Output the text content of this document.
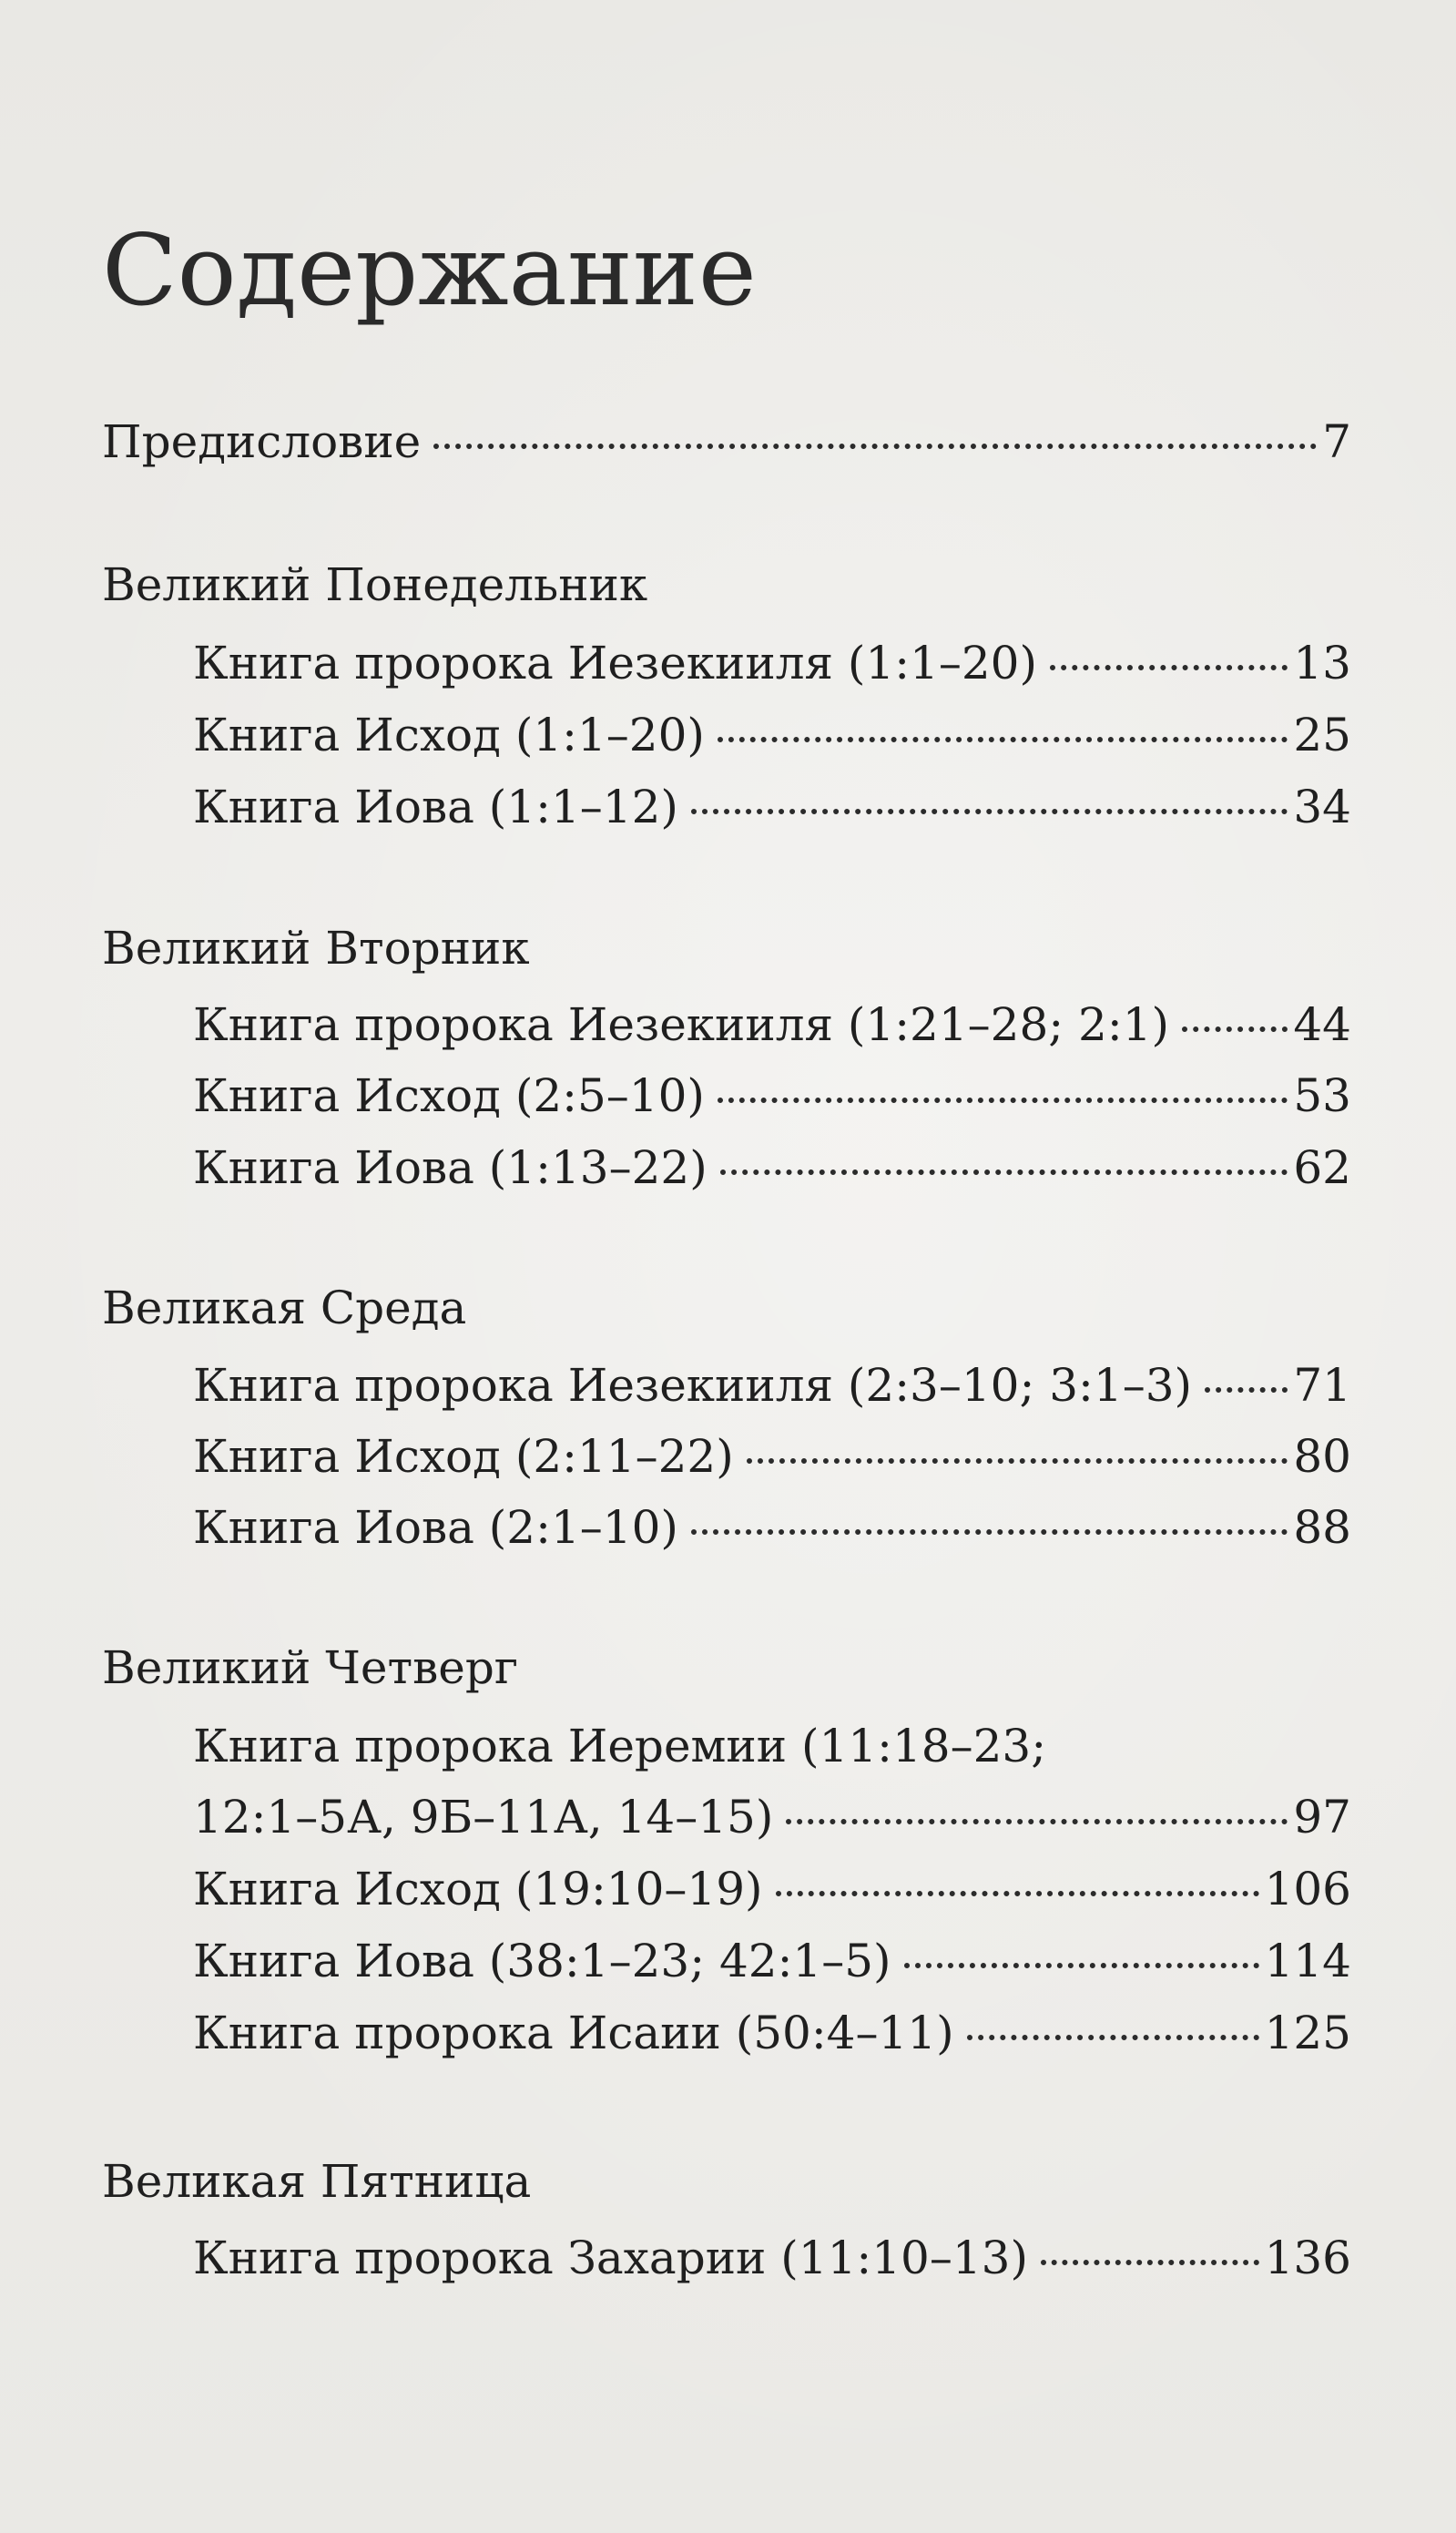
Содержание
Предисловие	7
Великий Понедельник
Книга пророка Иезекииля (1:1–20)	13
Книга Исход (1:1–20)	25
Книга Иова (1:1–12)	34
Великий Вторник
Книга пророка Иезекииля (1:21–28; 2:1)	44
Книга Исход (2:5–10)	53
Книга Иова (1:13–22)	62
Великая Среда
Книга пророка Иезекииля (2:3–10; 3:1–3) 71
Книга Исход (2:11–22)	80
Книга Иова (2:1–10)	88
Великий Четверг
Книга пророка Иеремии (11:18–23;
12:1–5А, 9Б–11А, 14–15)	97
Книга Исход (19:10–19)	106
Книга Иова (38:1–23; 42:1–5)	114
Книга пророка Исаии (50:4–11)	125
Великая Пятница
Книга пророка Захарии (11:10–13)	136
